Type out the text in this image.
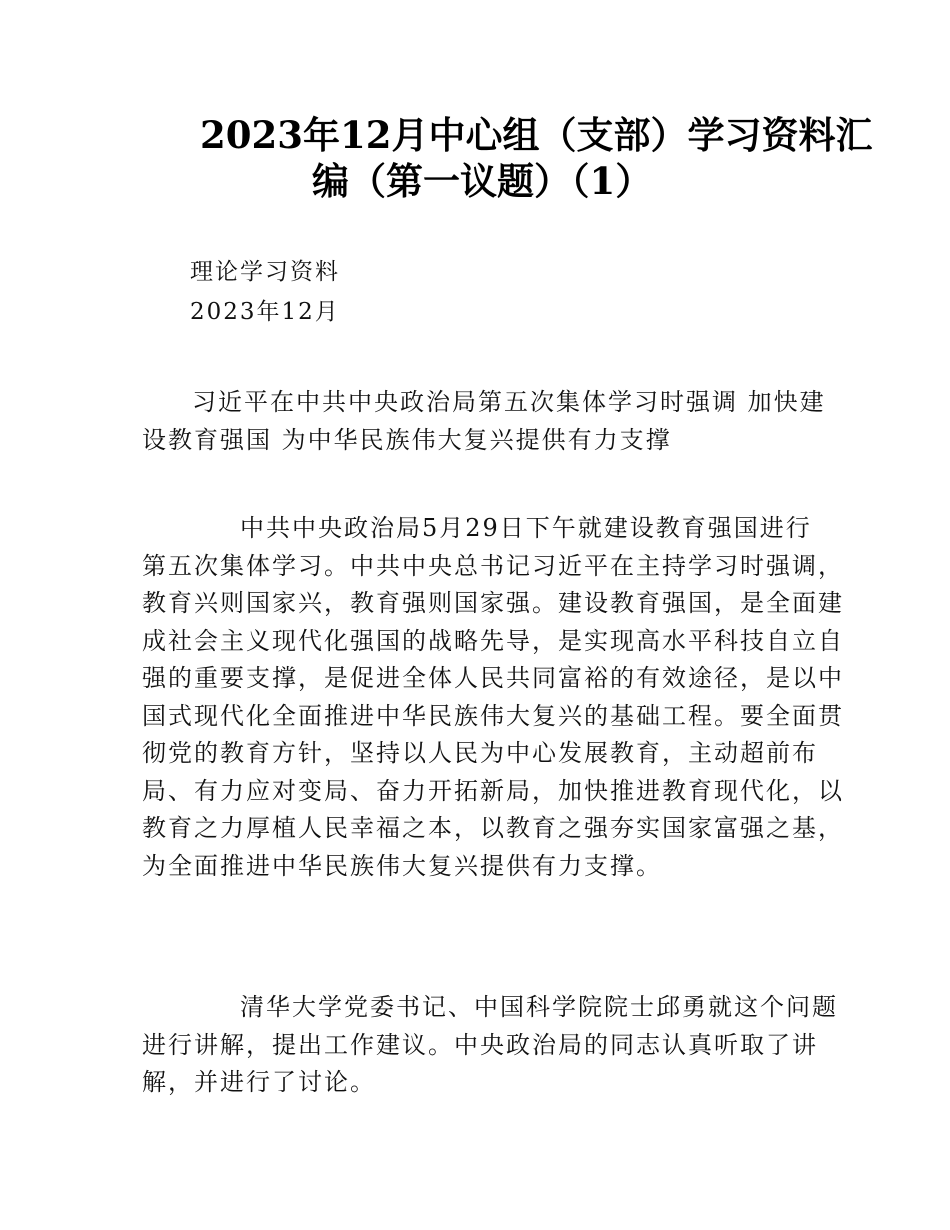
2023年12月中心组（支部）学习资料汇
编（第一议题）（1）
理论学习资料
2023年12月
习近平在中共中央政治局第五次集体学习时强调 加快建
设教育强国 为中华民族伟大复兴提供有力支撑
中共中央政治局5月29日下午就建设教育强国进行
第五次集体学习。中共中央总书记习近平在主持学习时强调，
教育兴则国家兴，教育强则国家强。建设教育强国，是全面建
成社会主义现代化强国的战略先导，是实现高水平科技自立自
强的重要支撑，是促进全体人民共同富裕的有效途径，是以中
国式现代化全面推进中华民族伟大复兴的基础工程。要全面贯
彻党的教育方针，坚持以人民为中心发展教育，主动超前布
局、有力应对变局、奋力开拓新局，加快推进教育现代化，以
教育之力厚植人民幸福之本，以教育之强夯实国家富强之基，
为全面推进中华民族伟大复兴提供有力支撑。
清华大学党委书记、中国科学院院士邱勇就这个问题
进行讲解，提出工作建议。中央政治局的同志认真听取了讲
解，并进行了讨论。
